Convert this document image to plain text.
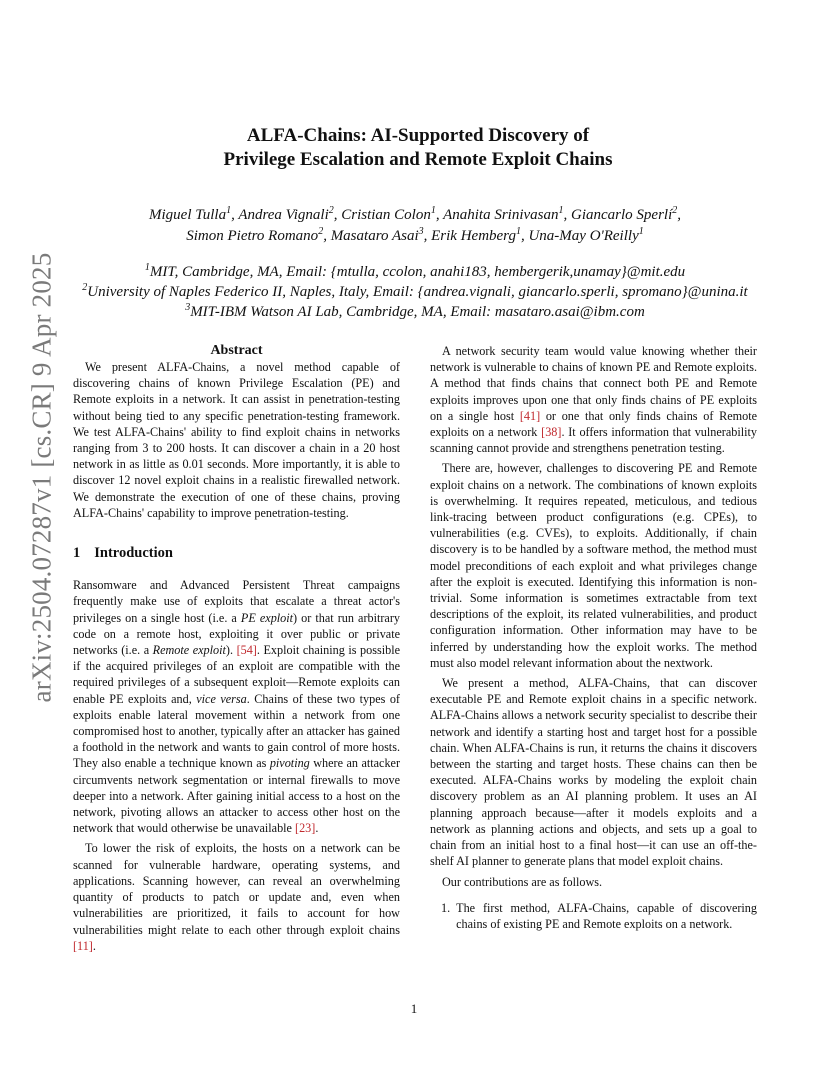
arXiv:2504.07287v1 [cs.CR] 9 Apr 2025
ALFA-Chains: AI-Supported Discovery of
Privilege Escalation and Remote Exploit Chains
Miguel Tulla$^1$, Andrea Vignali$^2$, Cristian Colon$^1$, Anahita Srinivasan$^1$, Giancarlo Sperlí$^2$,
Simon Pietro Romano$^2$, Masataro Asai$^3$, Erik Hemberg$^1$, Una-May O'Reilly$^1$
$^1$MIT, Cambridge, MA, Email: {mtulla, ccolon, anahi183, hembergerik,unamay}@mit.edu
$^2$University of Naples Federico II, Naples, Italy, Email: {andrea.vignali, giancarlo.sperli, spromano}@unina.it
$^3$MIT-IBM Watson AI Lab, Cambridge, MA, Email: masataro.asai@ibm.com
Abstract

We present ALFA-Chains, a novel method capable of discovering chains of known Privilege Escalation (PE) and Remote exploits in a network. It can assist in penetration-testing without being tied to any specific penetration-testing framework. We test ALFA-Chains' ability to find exploit chains in networks ranging from 3 to 200 hosts. It can discover a chain in a 20 host network in as little as 0.01 seconds. More importantly, it is able to discover 12 novel exploit chains in a realistic firewalled network. We demonstrate the execution of one of these chains, proving ALFA-Chains' capability to improve penetration-testing.

1 Introduction

Ransomware and Advanced Persistent Threat campaigns frequently make use of exploits that escalate a threat actor's privileges on a single host (i.e. a PE exploit) or that run arbitrary code on a remote host, exploiting it over public or private networks (i.e. a Remote exploit). [54]. Exploit chaining is possible if the acquired privileges of an exploit are compatible with the required privileges of a subsequent exploit—Remote exploits can enable PE exploits and, vice versa. Chains of these two types of exploits enable lateral movement within a network from one compromised host to another, typically after an attacker has gained a foothold in the network and wants to gain control of more hosts. They also enable a technique known as pivoting where an attacker circumvents network segmentation or internal firewalls to move deeper into a network. After gaining initial access to a host on the network, pivoting allows an attacker to access other host on the network that would otherwise be unavailable [23].

To lower the risk of exploits, the hosts on a network can be scanned for vulnerable hardware, operating systems, and applications. Scanning however, can reveal an overwhelming quantity of products to patch or update and, even when vulnerabilities are prioritized, it fails to account for how vulnerabilities might relate to each other through exploit chains [11].

A network security team would value knowing whether their network is vulnerable to chains of known PE and Remote exploits. A method that finds chains that connect both PE and Remote exploits improves upon one that only finds chains of PE exploits on a single host [41] or one that only finds chains of Remote exploits on a network [38]. It offers information that vulnerability scanning cannot provide and strengthens penetration testing.

There are, however, challenges to discovering PE and Remote exploit chains on a network. The combinations of known exploits is overwhelming. It requires repeated, meticulous, and tedious link-tracing between product configurations (e.g. CPEs), to vulnerabilities (e.g. CVEs), to exploits. Additionally, if chain discovery is to be handled by a software method, the method must model preconditions of each exploit and what privileges change after the exploit is executed. Identifying this information is non-trivial. Some information is sometimes extractable from text descriptions of the exploit, its related vulnerabilities, and product configuration information. Other information may have to be inferred by understanding how the exploit works. The method must also model relevant information about the nextwork.

We present a method, ALFA-Chains, that can discover executable PE and Remote exploit chains in a specific network. ALFA-Chains allows a network security specialist to describe their network and identify a starting host and target host for a possible chain. When ALFA-Chains is run, it returns the chains it discovers between the starting and target hosts. These chains can then be executed. ALFA-Chains works by modeling the exploit chain discovery problem as an AI planning problem. It uses an AI planning approach because—after it models exploits and a network as planning actions and objects, and sets up a goal to chain from an initial host to a final host—it can use an off-the-shelf AI planner to generate plans that model exploit chains.

Our contributions are as follows.

1. The first method, ALFA-Chains, capable of discovering chains of existing PE and Remote exploits on a network.
1
